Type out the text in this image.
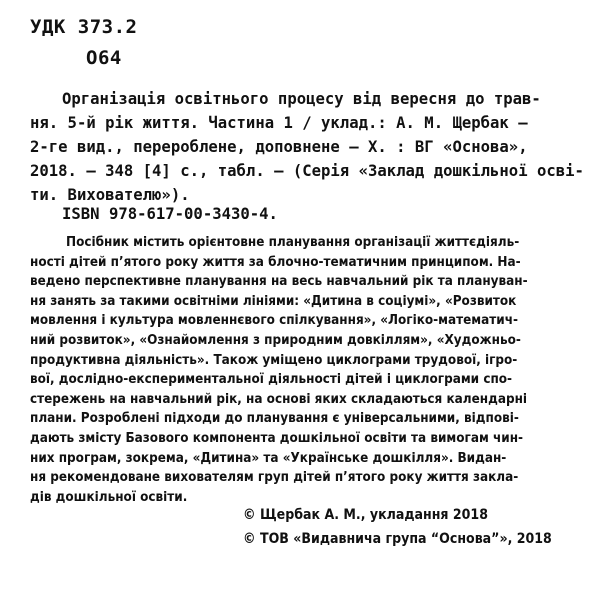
УДК 373.2
О64
Організація освітнього процесу від вересня до трав-
ня. 5-й рік життя. Частина 1 / уклад.: А. М. Щербак —
2-ге вид., перероблене, доповнене — Х. : ВГ «Основа»,
2018. — 348 [4] с., табл. — (Серія «Заклад дошкільної осві-
ти. Вихователю»).
ISBN 978-617-00-3430-4.
Посібник містить орієнтовне планування організації життєдіяль-
ності дітей п’ятого року життя за блочно-тематичним принципом. На-
ведено перспективне планування на весь навчальний рік та плануван-
ня занять за такими освітніми лініями: «Дитина в соціумі», «Розвиток
мовлення і культура мовленнєвого спілкування», «Логіко-математич-
ний розвиток», «Ознайомлення з природним довкіллям», «Художньо-
продуктивна діяльність». Також уміщено циклограми трудової, ігро-
вої, дослідно-експериментальної діяльності дітей і циклограми спо-
стережень на навчальний рік, на основі яких складаються календарні
плани. Розроблені підходи до планування є універсальними, відпові-
дають змісту Базового компонента дошкільної освіти та вимогам чин-
них програм, зокрема, «Дитина» та «Українське дошкілля». Видан-
ня рекомендоване вихователям груп дітей п’ятого року життя заклa-
дів дошкільної освіти.
© Щербак А. М., укладання 2018
© ТОВ «Видавнича група “Основа”», 2018
